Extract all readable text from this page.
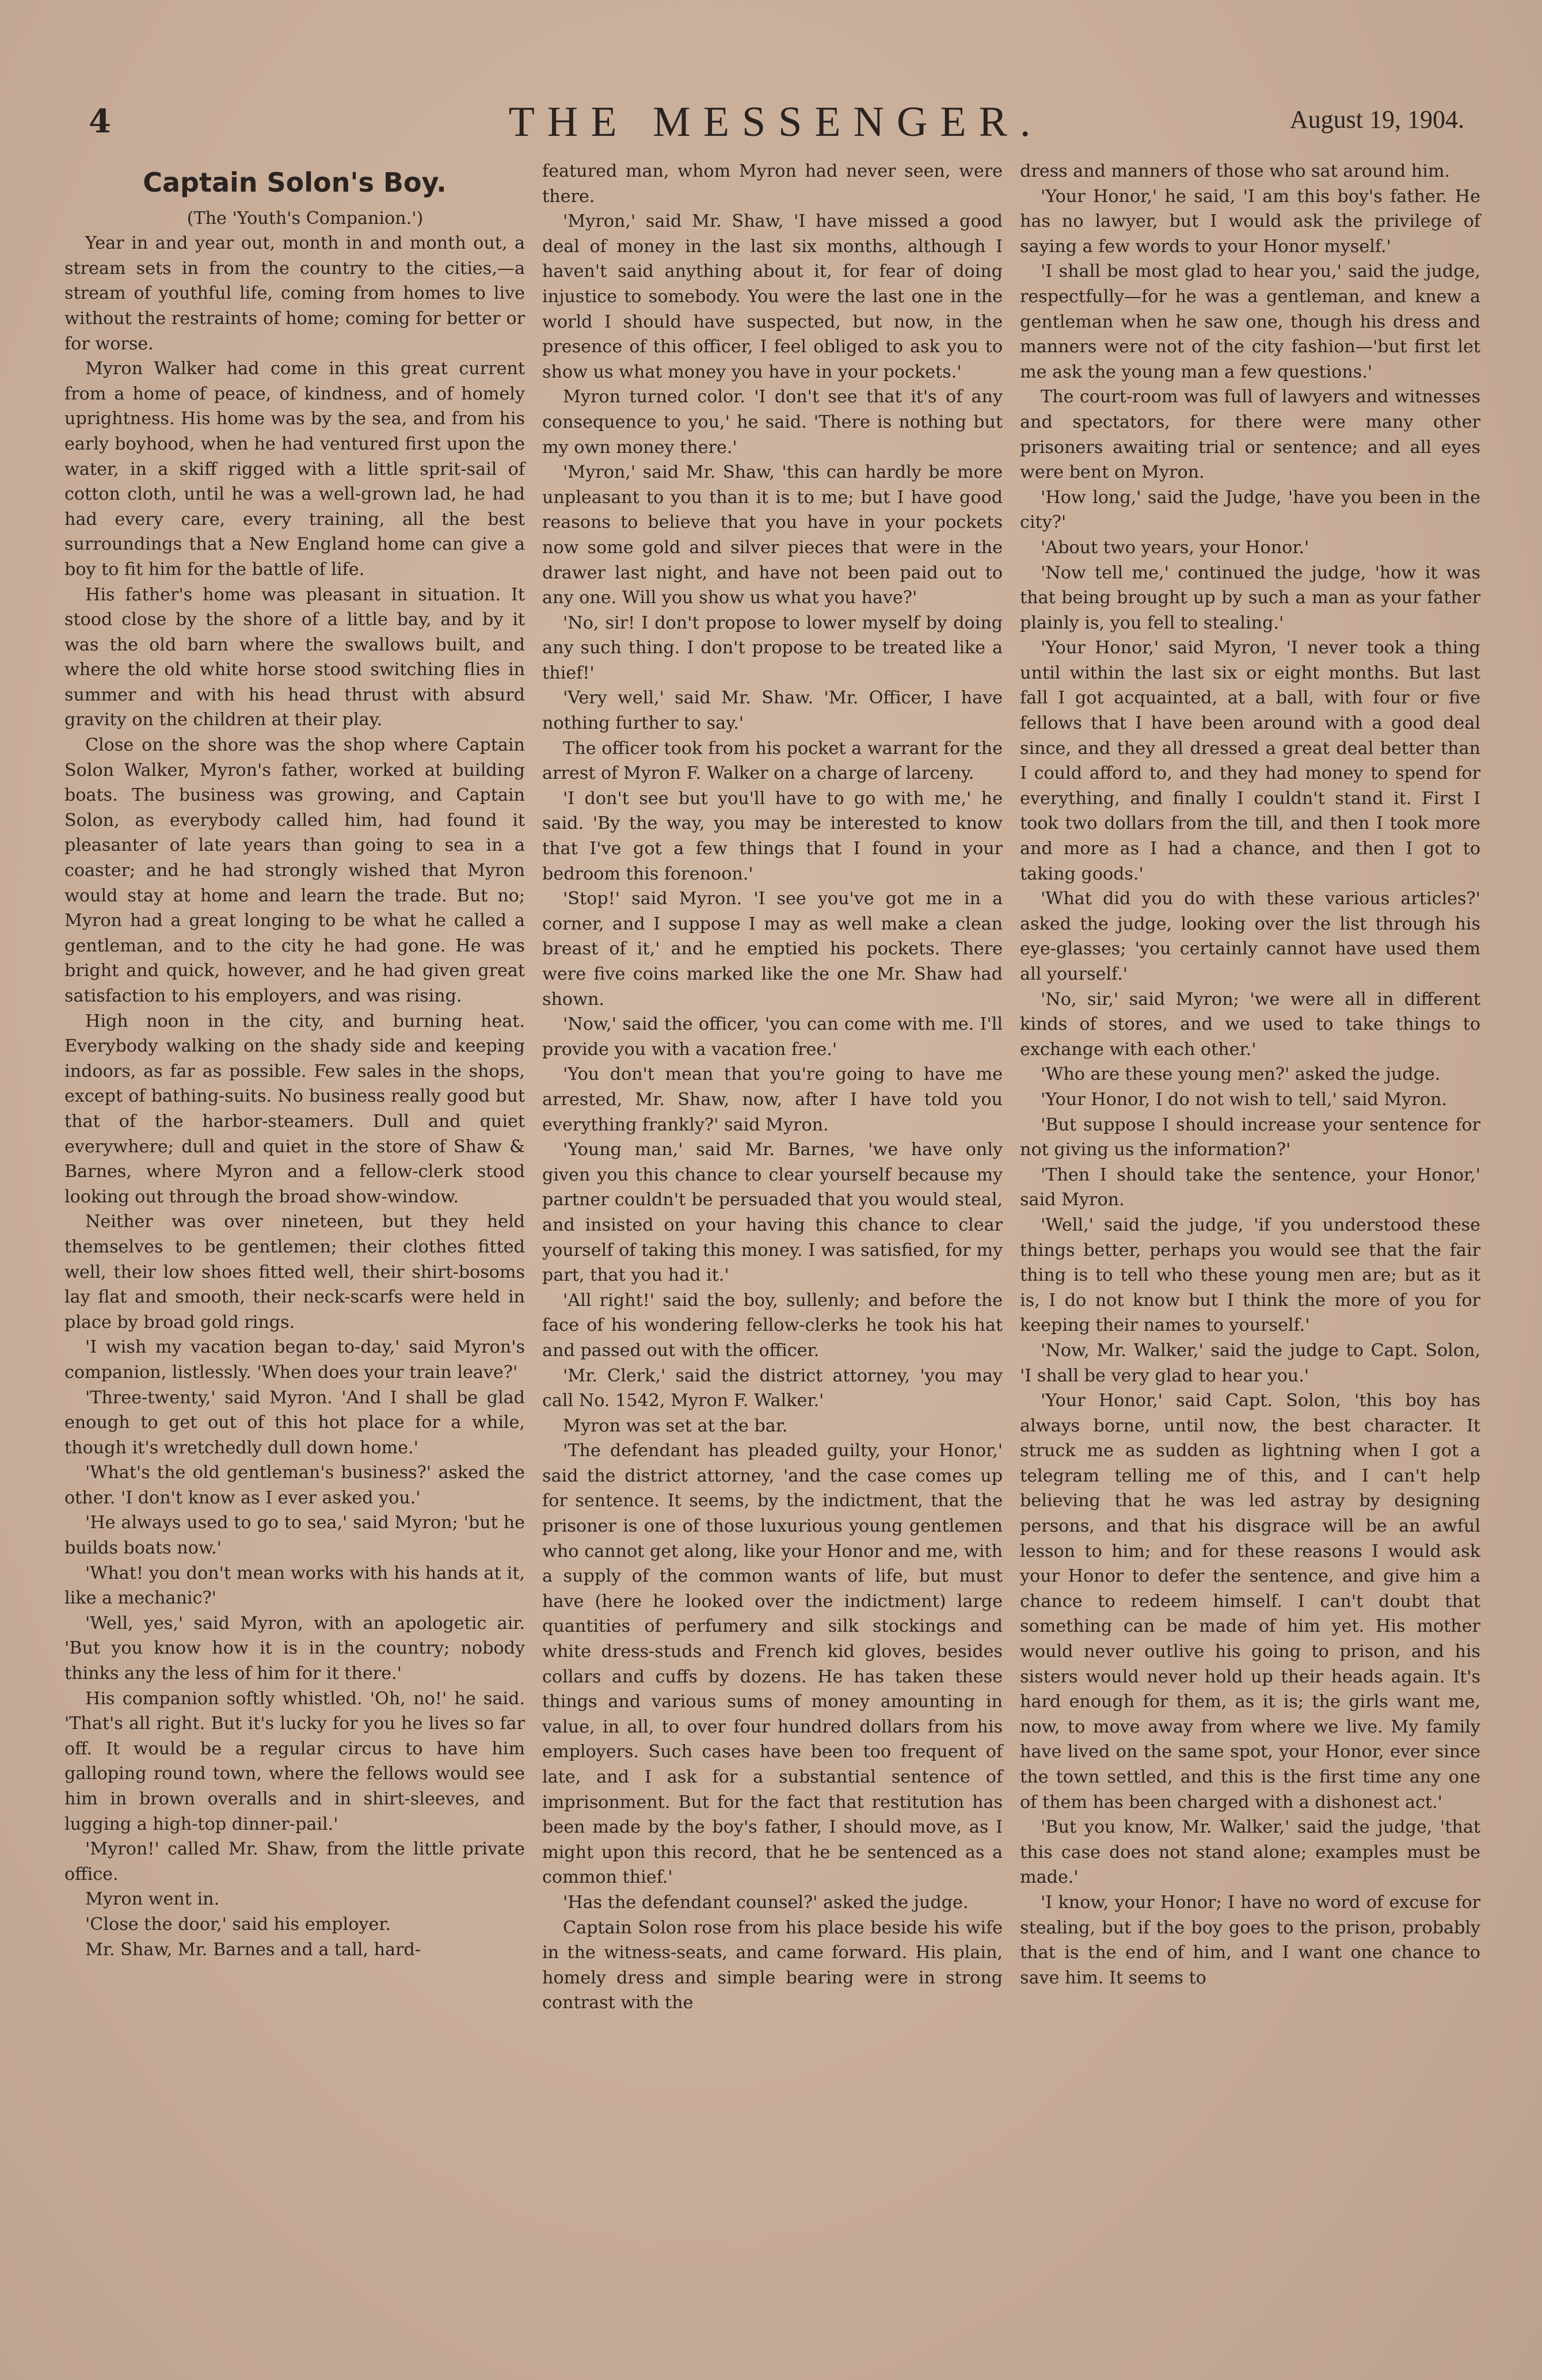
4	THE MESSENGER.	August 19, 1904.
Captain Solon's Boy.

(The 'Youth's Companion.')

Year in and year out, month in and month out, a stream sets in from the country to the cities,—a stream of youthful life, coming from homes to live without the restraints of home; coming for better or for worse.

Myron Walker had come in this great current from a home of peace, of kindness, and of homely uprightness. His home was by the sea, and from his early boyhood, when he had ventured first upon the water, in a skiff rigged with a little sprit-sail of cotton cloth, until he was a well-grown lad, he had had every care, every training, all the best surroundings that a New England home can give a boy to fit him for the battle of life.

His father's home was pleasant in situation. It stood close by the shore of a little bay, and by it was the old barn where the swallows built, and where the old white horse stood switching flies in summer and with his head thrust with absurd gravity on the children at their play.

Close on the shore was the shop where Captain Solon Walker, Myron's father, worked at building boats. The business was growing, and Captain Solon, as everybody called him, had found it pleasanter of late years than going to sea in a coaster; and he had strongly wished that Myron would stay at home and learn the trade. But no; Myron had a great longing to be what he called a gentleman, and to the city he had gone. He was bright and quick, however, and he had given great satisfaction to his employers, and was rising.

High noon in the city, and burning heat. Everybody walking on the shady side and keeping indoors, as far as possible. Few sales in the shops, except of bathing-suits. No business really good but that of the harbor-steamers. Dull and quiet everywhere; dull and quiet in the store of Shaw & Barnes, where Myron and a fellow-clerk stood looking out through the broad show-window.

Neither was over nineteen, but they held themselves to be gentlemen; their clothes fitted well, their low shoes fitted well, their shirt-bosoms lay flat and smooth, their neck-scarfs were held in place by broad gold rings.

'I wish my vacation began to-day,' said Myron's companion, listlessly. 'When does your train leave?'

'Three-twenty,' said Myron. 'And I shall be glad enough to get out of this hot place for a while, though it's wretchedly dull down home.'

'What's the old gentleman's business?' asked the other. 'I don't know as I ever asked you.'

'He always used to go to sea,' said Myron; 'but he builds boats now.'

'What! you don't mean works with his hands at it, like a mechanic?'

'Well, yes,' said Myron, with an apologetic air. 'But you know how it is in the country; nobody thinks any the less of him for it there.'

His companion softly whistled. 'Oh, no!' he said. 'That's all right. But it's lucky for you he lives so far off. It would be a regular circus to have him galloping round town, where the fellows would see him in brown overalls and in shirt-sleeves, and lugging a high-top dinner-pail.'

'Myron!' called Mr. Shaw, from the little private office.

Myron went in.

'Close the door,' said his employer.

Mr. Shaw, Mr. Barnes and a tall, hard-

featured man, whom Myron had never seen, were there.

'Myron,' said Mr. Shaw, 'I have missed a good deal of money in the last six months, although I haven't said anything about it, for fear of doing injustice to somebody. You were the last one in the world I should have suspected, but now, in the presence of this officer, I feel obliged to ask you to show us what money you have in your pockets.'

Myron turned color. 'I don't see that it's of any consequence to you,' he said. 'There is nothing but my own money there.'

'Myron,' said Mr. Shaw, 'this can hardly be more unpleasant to you than it is to me; but I have good reasons to believe that you have in your pockets now some gold and silver pieces that were in the drawer last night, and have not been paid out to any one. Will you show us what you have?'

'No, sir! I don't propose to lower myself by doing any such thing. I don't propose to be treated like a thief!'

'Very well,' said Mr. Shaw. 'Mr. Officer, I have nothing further to say.'

The officer took from his pocket a warrant for the arrest of Myron F. Walker on a charge of larceny.

'I don't see but you'll have to go with me,' he said. 'By the way, you may be interested to know that I've got a few things that I found in your bedroom this forenoon.'

'Stop!' said Myron. 'I see you've got me in a corner, and I suppose I may as well make a clean breast of it,' and he emptied his pockets. There were five coins marked like the one Mr. Shaw had shown.

'Now,' said the officer, 'you can come with me. I'll provide you with a vacation free.'

'You don't mean that you're going to have me arrested, Mr. Shaw, now, after I have told you everything frankly?' said Myron.

'Young man,' said Mr. Barnes, 'we have only given you this chance to clear yourself because my partner couldn't be persuaded that you would steal, and insisted on your having this chance to clear yourself of taking this money. I was satisfied, for my part, that you had it.'

'All right!' said the boy, sullenly; and before the face of his wondering fellow-clerks he took his hat and passed out with the officer.

'Mr. Clerk,' said the district attorney, 'you may call No. 1542, Myron F. Walker.'

Myron was set at the bar.

'The defendant has pleaded guilty, your Honor,' said the district attorney, 'and the case comes up for sentence. It seems, by the indictment, that the prisoner is one of those luxurious young gentlemen who cannot get along, like your Honor and me, with a supply of the common wants of life, but must have (here he looked over the indictment) large quantities of perfumery and silk stockings and white dress-studs and French kid gloves, besides collars and cuffs by dozens. He has taken these things and various sums of money amounting in value, in all, to over four hundred dollars from his employers. Such cases have been too frequent of late, and I ask for a substantial sentence of imprisonment. But for the fact that restitution has been made by the boy's father, I should move, as I might upon this record, that he be sentenced as a common thief.'

'Has the defendant counsel?' asked the judge.

Captain Solon rose from his place beside his wife in the witness-seats, and came forward. His plain, homely dress and simple bearing were in strong contrast with the

dress and manners of those who sat around him.

'Your Honor,' he said, 'I am this boy's father. He has no lawyer, but I would ask the privilege of saying a few words to your Honor myself.'

'I shall be most glad to hear you,' said the judge, respectfully—for he was a gentleman, and knew a gentleman when he saw one, though his dress and manners were not of the city fashion—'but first let me ask the young man a few questions.'

The court-room was full of lawyers and witnesses and spectators, for there were many other prisoners awaiting trial or sentence; and all eyes were bent on Myron.

'How long,' said the Judge, 'have you been in the city?'

'About two years, your Honor.'

'Now tell me,' continued the judge, 'how it was that being brought up by such a man as your father plainly is, you fell to stealing.'

'Your Honor,' said Myron, 'I never took a thing until within the last six or eight months. But last fall I got acquainted, at a ball, with four or five fellows that I have been around with a good deal since, and they all dressed a great deal better than I could afford to, and they had money to spend for everything, and finally I couldn't stand it. First I took two dollars from the till, and then I took more and more as I had a chance, and then I got to taking goods.'

'What did you do with these various articles?' asked the judge, looking over the list through his eye-glasses; 'you certainly cannot have used them all yourself.'

'No, sir,' said Myron; 'we were all in different kinds of stores, and we used to take things to exchange with each other.'

'Who are these young men?' asked the judge.

'Your Honor, I do not wish to tell,' said Myron.

'But suppose I should increase your sentence for not giving us the information?'

'Then I should take the sentence, your Honor,' said Myron.

'Well,' said the judge, 'if you understood these things better, perhaps you would see that the fair thing is to tell who these young men are; but as it is, I do not know but I think the more of you for keeping their names to yourself.'

'Now, Mr. Walker,' said the judge to Capt. Solon, 'I shall be very glad to hear you.'

'Your Honor,' said Capt. Solon, 'this boy has always borne, until now, the best character. It struck me as sudden as lightning when I got a telegram telling me of this, and I can't help believing that he was led astray by designing persons, and that his disgrace will be an awful lesson to him; and for these reasons I would ask your Honor to defer the sentence, and give him a chance to redeem himself. I can't doubt that something can be made of him yet. His mother would never outlive his going to prison, and his sisters would never hold up their heads again. It's hard enough for them, as it is; the girls want me, now, to move away from where we live. My family have lived on the same spot, your Honor, ever since the town settled, and this is the first time any one of them has been charged with a dishonest act.'

'But you know, Mr. Walker,' said the judge, 'that this case does not stand alone; examples must be made.'

'I know, your Honor; I have no word of excuse for stealing, but if the boy goes to the prison, probably that is the end of him, and I want one chance to save him. It seems to
